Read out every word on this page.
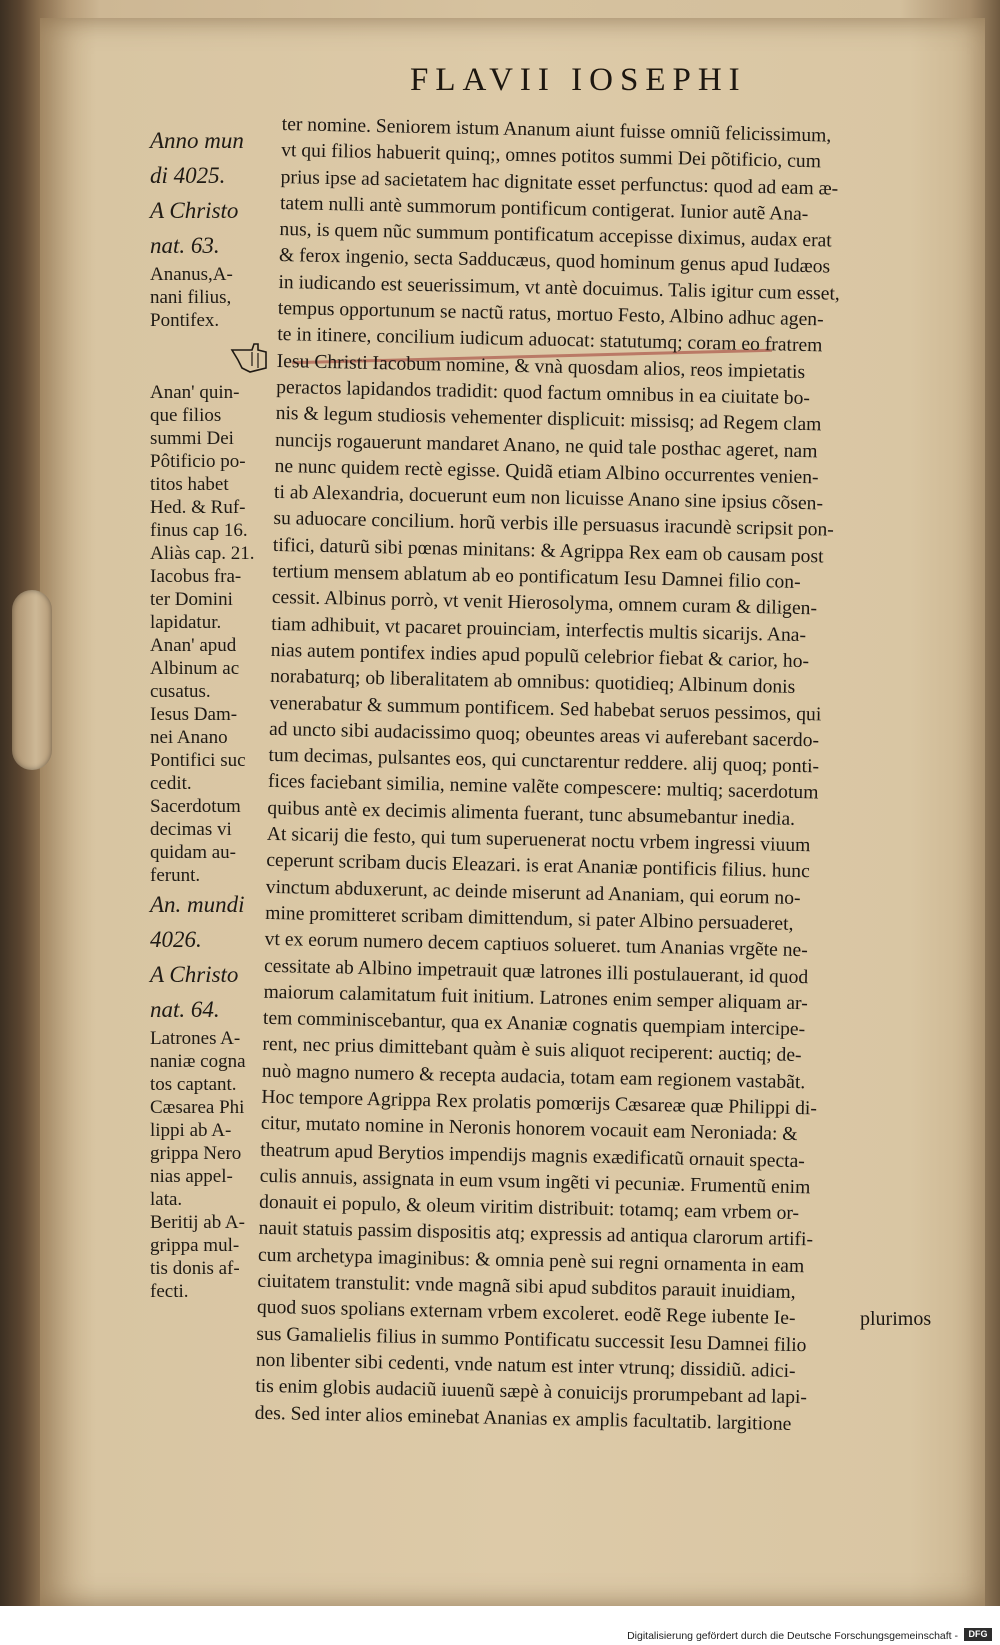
FLAVII IOSEPHI
Anno mun
di 4025.
A Christo
nat. 63.
Ananus,A-
nani filius,
Pontifex.
Anan' quin-
que filios
summi Dei
Pôtificio po-
titos habet
Hed. & Ruf-
finus cap 16.
Aliàs cap. 21.
Iacobus fra-
ter Domini
lapidatur.
Anan' apud
Albinum ac
cusatus.
Iesus Dam-
nei Anano
Pontifici suc
cedit.
Sacerdotum
decimas vi
quidam au-
ferunt.
An. mundi
4026.
A Christo
nat. 64.
Latrones A-
naniæ cogna
tos captant.
Cæsarea Phi
lippi ab A-
grippa Nero
nias appel-
lata.
Beritij ab A-
grippa mul-
tis donis af-
fecti.
ter nomine. Seniorem istum Ananum aiunt fuisse omniũ felicissimum,
vt qui filios habuerit quinq;, omnes potitos summi Dei põtificio, cum
prius ipse ad sacietatem hac dignitate esset perfunctus: quod ad eam æ-
tatem nulli antè summorum pontificum contigerat. Iunior autẽ Ana-
nus, is quem nũc summum pontificatum accepisse diximus, audax erat
& ferox ingenio, secta Sadducæus, quod hominum genus apud Iudæos
in iudicando est seuerissimum, vt antè docuimus. Talis igitur cum esset,
tempus opportunum se nactũ ratus, mortuo Festo, Albino adhuc agen-
te in itinere, concilium iudicum aduocat: statutumq; coram eo fratrem
Iesu Christi Iacobum nomine, & vnà quosdam alios, reos impietatis
peractos lapidandos tradidit: quod factum omnibus in ea ciuitate bo-
nis & legum studiosis vehementer displicuit: missisq; ad Regem clam
nuncijs rogauerunt mandaret Anano, ne quid tale posthac ageret, nam
ne nunc quidem rectè egisse. Quidã etiam Albino occurrentes venien-
ti ab Alexandria, docuerunt eum non licuisse Anano sine ipsius cõsen-
su aduocare concilium. horũ verbis ille persuasus iracundè scripsit pon-
tifici, daturũ sibi pœnas minitans: & Agrippa Rex eam ob causam post
tertium mensem ablatum ab eo pontificatum Iesu Damnei filio con-
cessit. Albinus porrò, vt venit Hierosolyma, omnem curam & diligen-
tiam adhibuit, vt pacaret prouinciam, interfectis multis sicarijs. Ana-
nias autem pontifex indies apud populũ celebrior fiebat & carior, ho-
norabaturq; ob liberalitatem ab omnibus: quotidieq; Albinum donis
venerabatur & summum pontificem. Sed habebat seruos pessimos, qui
ad uncto sibi audacissimo quoq; obeuntes areas vi auferebant sacerdo-
tum decimas, pulsantes eos, qui cunctarentur reddere. alij quoq; ponti-
fices faciebant similia, nemine valẽte compescere: multiq; sacerdotum
quibus antè ex decimis alimenta fuerant, tunc absumebantur inedia.
At sicarij die festo, qui tum superuenerat noctu vrbem ingressi viuum
ceperunt scribam ducis Eleazari. is erat Ananiæ pontificis filius. hunc
vinctum abduxerunt, ac deinde miserunt ad Ananiam, qui eorum no-
mine promitteret scribam dimittendum, si pater Albino persuaderet,
vt ex eorum numero decem captiuos solueret. tum Ananias vrgẽte ne-
cessitate ab Albino impetrauit quæ latrones illi postulauerant, id quod
maiorum calamitatum fuit initium. Latrones enim semper aliquam ar-
tem comminiscebantur, qua ex Ananiæ cognatis quempiam intercipe-
rent, nec prius dimittebant quàm è suis aliquot reciperent: auctiq; de-
nuò magno numero & recepta audacia, totam eam regionem vastabãt.
Hoc tempore Agrippa Rex prolatis pomœrijs Cæsareæ quæ Philippi di-
citur, mutato nomine in Neronis honorem vocauit eam Neroniada: &
theatrum apud Berytios impendijs magnis exædificatũ ornauit specta-
culis annuis, assignata in eum vsum ingẽti vi pecuniæ. Frumentũ enim
donauit ei populo, & oleum viritim distribuit: totamq; eam vrbem or-
nauit statuis passim dispositis atq; expressis ad antiqua clarorum artifi-
cum archetypa imaginibus: & omnia penè sui regni ornamenta in eam
ciuitatem transtulit: vnde magnã sibi apud subditos parauit inuidiam,
quod suos spolians externam vrbem excoleret. eodẽ Rege iubente Ie-
sus Gamalielis filius in summo Pontificatu successit Iesu Damnei filio
non libenter sibi cedenti, vnde natum est inter vtrunq; dissidiũ. adici-
tis enim globis audaciũ iuuenũ sæpè à conuicijs prorumpebant ad lapi-
des. Sed inter alios eminebat Ananias ex amplis facultatib. largitione
plurimos
Digitalisierung gefördert durch die Deutsche Forschungsgemeinschaft -	DFG
